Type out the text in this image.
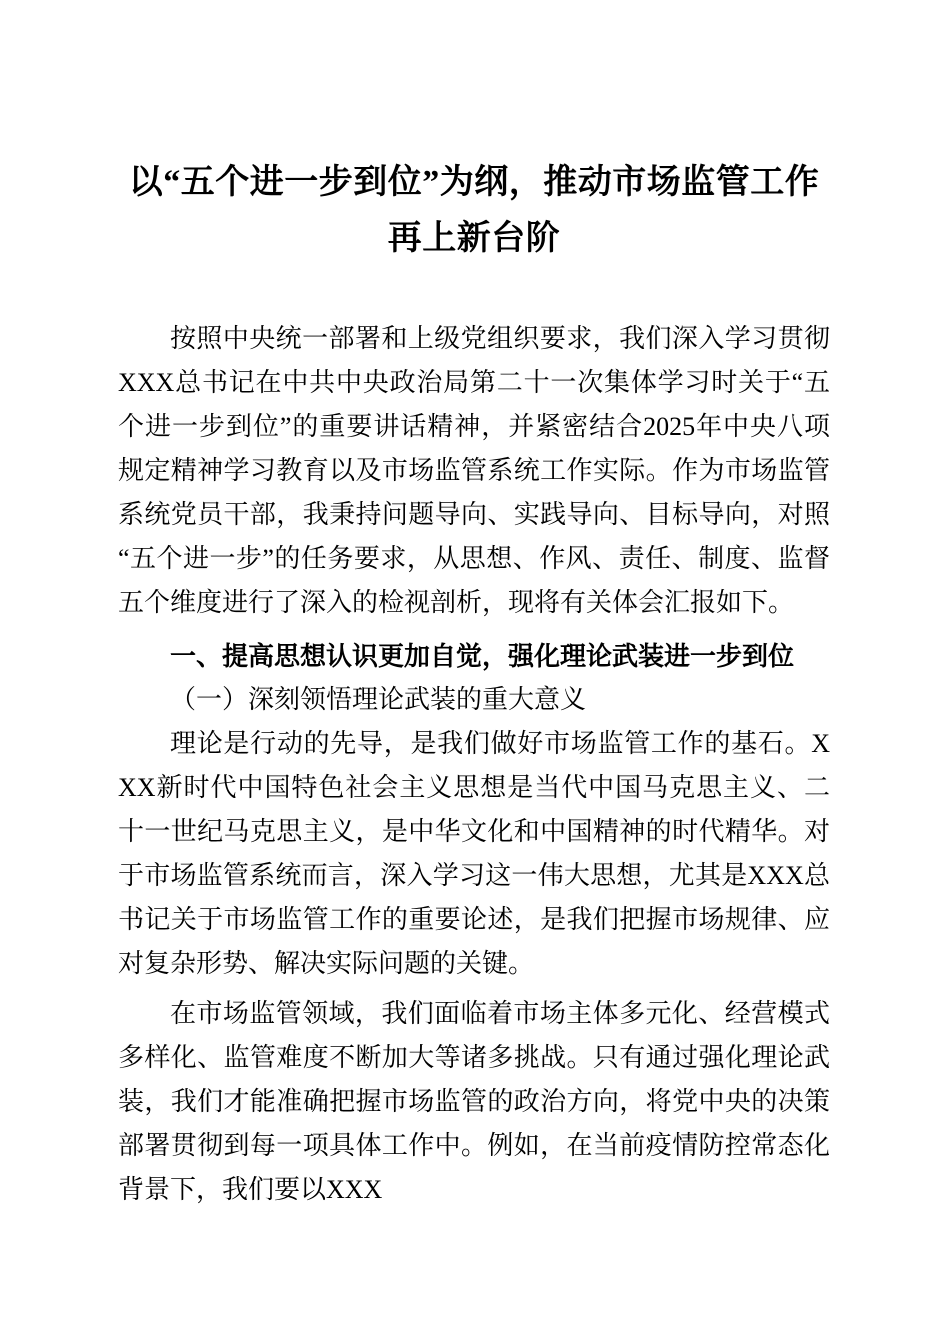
以“五个进一步到位”为纲，推动市场监管工作再上新台阶

按照中央统一部署和上级党组织要求，我们深入学习贯彻XXX总书记在中共中央政治局第二十一次集体学习时关于“五个进一步到位”的重要讲话精神，并紧密结合2025年中央八项规定精神学习教育以及市场监管系统工作实际。作为市场监管系统党员干部，我秉持问题导向、实践导向、目标导向，对照“五个进一步”的任务要求，从思想、作风、责任、制度、监督五个维度进行了深入的检视剖析，现将有关体会汇报如下。

一、提高思想认识更加自觉，强化理论武装进一步到位
（一）深刻领悟理论武装的重大意义

理论是行动的先导，是我们做好市场监管工作的基石。XXX新时代中国特色社会主义思想是当代中国马克思主义、二十一世纪马克思主义，是中华文化和中国精神的时代精华。对于市场监管系统而言，深入学习这一伟大思想，尤其是XXX总书记关于市场监管工作的重要论述，是我们把握市场规律、应对复杂形势、解决实际问题的关键。

在市场监管领域，我们面临着市场主体多元化、经营模式多样化、监管难度不断加大等诸多挑战。只有通过强化理论武装，我们才能准确把握市场监管的政治方向，将党中央的决策部署贯彻到每一项具体工作中。例如，在当前疫情防控常态化背景下，我们要以XXX
